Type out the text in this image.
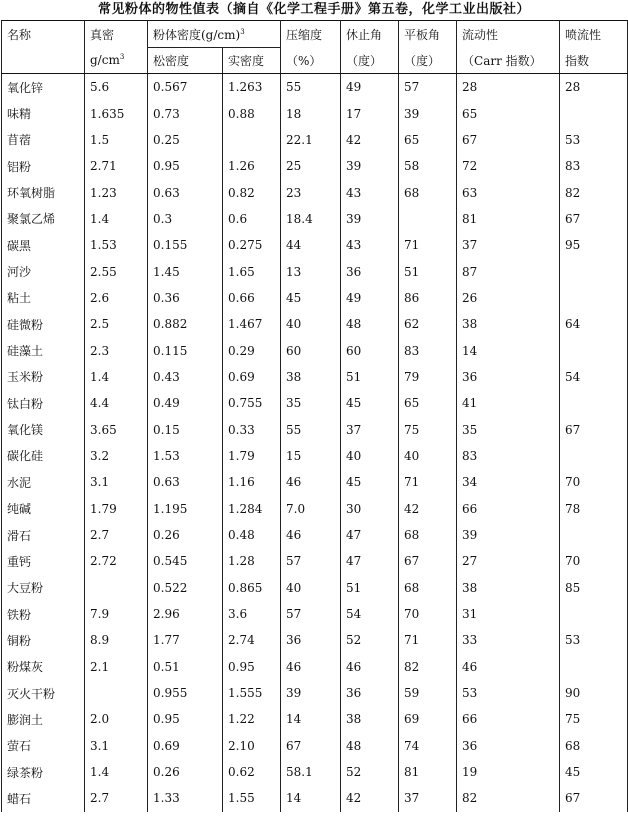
常见粉体的物性值表（摘自《化学工程手册》第五卷，化学工业出版社）
名称	真密	粉体密度$(g/cm)^3$		压缩度	休止角	平板角	流动性	喷流性
	$g/cm^3$	松密度	实密度	（%）	（度）	（度）	（Carr 指数）	指数
氧化锌	5.6	0.567	1.263	55	49	57	28	28
味精	1.635	0.73	0.88	18	17	39	65	
苜蓿	1.5	0.25		22.1	42	65	67	53
铝粉	2.71	0.95	1.26	25	39	58	72	83
环氧树脂	1.23	0.63	0.82	23	43	68	63	82
聚氯乙烯	1.4	0.3	0.6	18.4	39		81	67
碳黑	1.53	0.155	0.275	44	43	71	37	95
河沙	2.55	1.45	1.65	13	36	51	87	
粘土	2.6	0.36	0.66	45	49	86	26	
硅微粉	2.5	0.882	1.467	40	48	62	38	64
硅藻土	2.3	0.115	0.29	60	60	83	14	
玉米粉	1.4	0.43	0.69	38	51	79	36	54
钛白粉	4.4	0.49	0.755	35	45	65	41	
氧化镁	3.65	0.15	0.33	55	37	75	35	67
碳化硅	3.2	1.53	1.79	15	40	40	83	
水泥	3.1	0.63	1.16	46	45	71	34	70
纯碱	1.79	1.195	1.284	7.0	30	42	66	78
滑石	2.7	0.26	0.48	46	47	68	39	
重钙	2.72	0.545	1.28	57	47	67	27	70
大豆粉		0.522	0.865	40	51	68	38	85
铁粉	7.9	2.96	3.6	57	54	70	31	
铜粉	8.9	1.77	2.74	36	52	71	33	53
粉煤灰	2.1	0.51	0.95	46	46	82	46	
灭火干粉		0.955	1.555	39	36	59	53	90
膨润土	2.0	0.95	1.22	14	38	69	66	75
萤石	3.1	0.69	2.10	67	48	74	36	68
绿茶粉	1.4	0.26	0.62	58.1	52	81	19	45
蜡石	2.7	1.33	1.55	14	42	37	82	67
